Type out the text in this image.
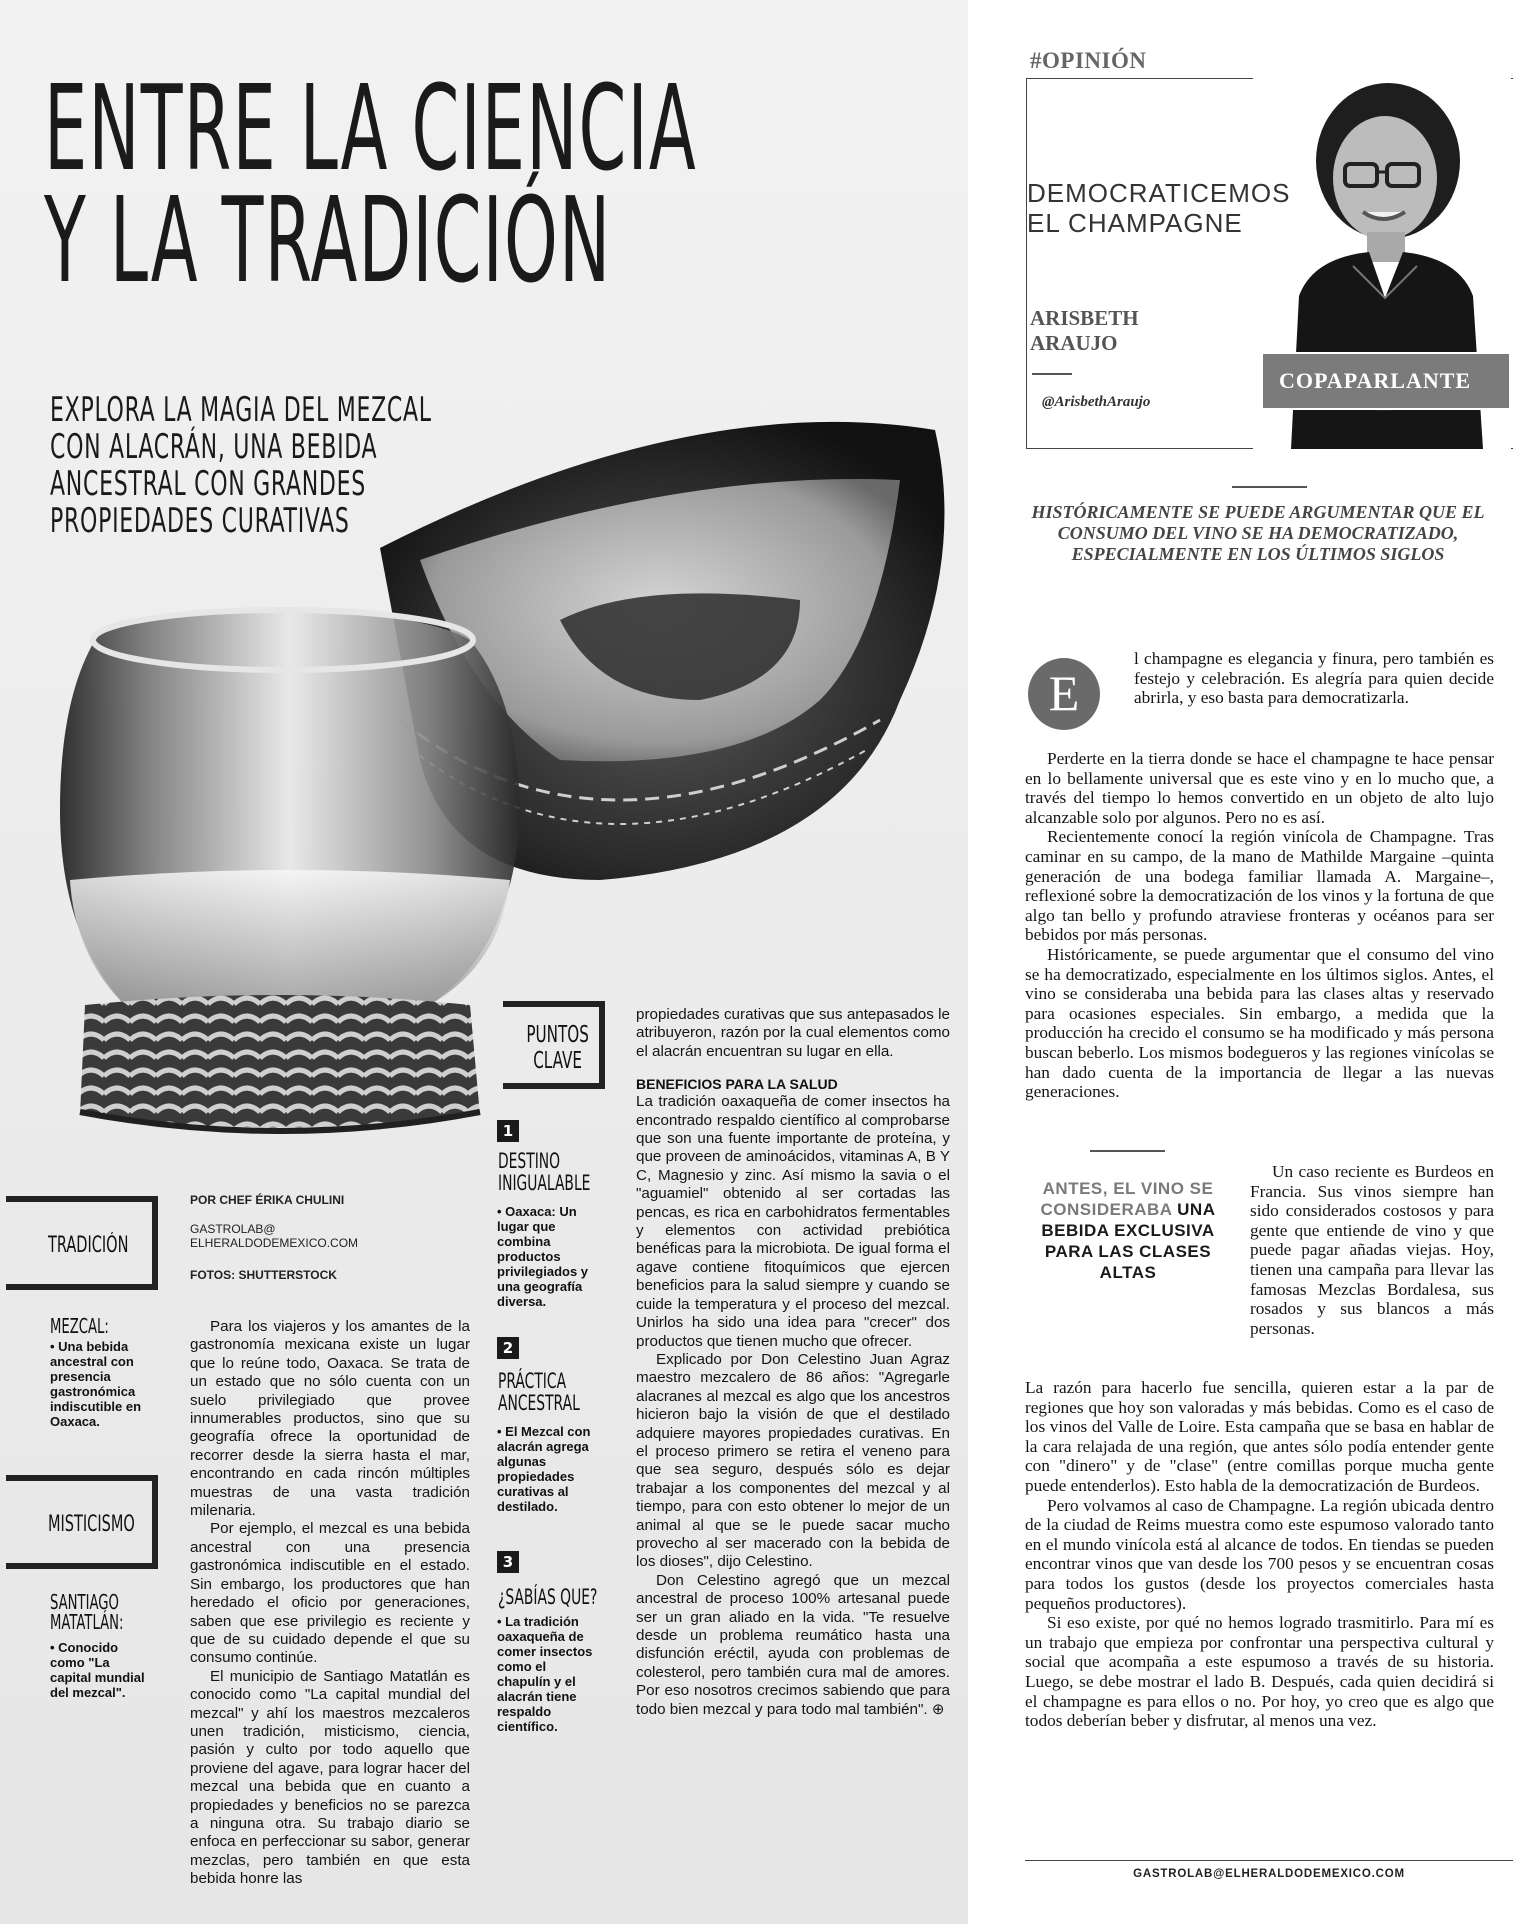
ENTRE LA CIENCIA
Y LA TRADICIÓN
EXPLORA LA MAGIA DEL MEZCAL
CON ALACRÁN, UNA BEBIDA
ANCESTRAL CON GRANDES
PROPIEDADES CURATIVAS
PUNTOS
CLAVE
1
DESTINO
INIGUALABLE
• Oaxaca: Un lugar que combina productos privilegiados y una geografía diversa.
2
PRÁCTICA
ANCESTRAL
• El Mezcal con alacrán agrega algunas propiedades curativas al destilado.
3
¿SABÍAS QUE?
• La tradición oaxaqueña de comer insectos como el chapulín y el alacrán tiene respaldo científico.
TRADICIÓN
MEZCAL:
• Una bebida ancestral con presencia gastronómica indiscutible en Oaxaca.
MISTICISMO
SANTIAGO
MATATLÁN:
• Conocido como "La capital mundial del mezcal".
POR CHEF ÉRIKA CHULINI
GASTROLAB@
ELHERALDODEMEXICO.COM
FOTOS: SHUTTERSTOCK

Para los viajeros y los amantes de la gastronomía mexicana existe un lugar que lo reúne todo, Oaxaca. Se trata de un estado que no sólo cuenta con un suelo privilegiado que provee innumerables productos, sino que su geografía ofrece la oportunidad de recorrer desde la sierra hasta el mar, encontrando en cada rincón múltiples muestras de una vasta tradición milenaria.

Por ejemplo, el mezcal es una bebida ancestral con una presencia gastronómica indiscutible en el estado. Sin embargo, los productores que han heredado el oficio por generaciones, saben que ese privilegio es reciente y que de su cuidado depende el que su consumo continúe.

El municipio de Santiago Matatlán es conocido como "La capital mundial del mezcal" y ahí los maestros mezcaleros unen tradición, misticismo, ciencia, pasión y culto por todo aquello que proviene del agave, para lograr hacer del mezcal una bebida que en cuanto a propiedades y beneficios no se parezca a ninguna otra. Su trabajo diario se enfoca en perfeccionar su sabor, generar mezclas, pero también en que esta bebida honre las

propiedades curativas que sus antepasados le atribuyeron, razón por la cual elementos como el alacrán encuentran su lugar en ella.

BENEFICIOS PARA LA SALUD

La tradición oaxaqueña de comer insectos ha encontrado respaldo científico al comprobarse que son una fuente importante de proteína, y que proveen de aminoácidos, vitaminas A, B Y C, Magnesio y zinc. Así mismo la savia o el "aguamiel" obtenido al ser cortadas las pencas, es rica en carbohidratos fermentables y elementos con actividad prebiótica benéficas para la microbiota. De igual forma el agave contiene fitoquímicos que ejercen beneficios para la salud siempre y cuando se cuide la temperatura y el proceso del mezcal. Unirlos ha sido una idea para "crecer" dos productos que tienen mucho que ofrecer.

Explicado por Don Celestino Juan Agraz maestro mezcalero de 86 años: "Agregarle alacranes al mezcal es algo que los ancestros hicieron bajo la visión de que el destilado adquiere mayores propiedades curativas. En el proceso primero se retira el veneno para que sea seguro, después sólo es dejar trabajar a los componentes del mezcal y al tiempo, para con esto obtener lo mejor de un animal al que se le puede sacar mucho provecho al ser macerado con la bebida de los dioses", dijo Celestino.

Don Celestino agregó que un mezcal ancestral de proceso 100% artesanal puede ser un gran aliado en la vida. "Te resuelve desde un problema reumático hasta una disfunción eréctil, ayuda con problemas de colesterol, pero también cura mal de amores. Por eso nosotros crecimos sabiendo que para todo bien mezcal y para todo mal también". ⊕

#OPINIÓN
DEMOCRATICEMOS
EL CHAMPAGNE
ARISBETH
ARAUJO
@ArisbethAraujo
COPAPARLANTE
HISTÓRICAMENTE SE PUEDE ARGUMENTAR QUE EL CONSUMO DEL VINO SE HA DEMOCRATIZADO, ESPECIALMENTE EN LOS ÚLTIMOS SIGLOS
E

l champagne es elegancia y finura, pero también es festejo y celebración. Es alegría para quien decide abrirla, y eso basta para democratizarla.

Perderte en la tierra donde se hace el champagne te hace pensar en lo bellamente universal que es este vino y en lo mucho que, a través del tiempo lo hemos convertido en un objeto de alto lujo alcanzable solo por algunos. Pero no es así.

Recientemente conocí la región vinícola de Champagne. Tras caminar en su campo, de la mano de Mathilde Margaine –quinta generación de una bodega familiar llamada A. Margaine–, reflexioné sobre la democratización de los vinos y la fortuna de que algo tan bello y profundo atraviese fronteras y océanos para ser bebidos por más personas.

Históricamente, se puede argumentar que el consumo del vino se ha democratizado, especialmente en los últimos siglos. Antes, el vino se consideraba una bebida para las clases altas y reservado para ocasiones especiales. Sin embargo, a medida que la producción ha crecido el consumo se ha modificado y más persona buscan beberlo. Los mismos bodegueros y las regiones vinícolas se han dado cuenta de la importancia de llegar a las nuevas generaciones.

ANTES, EL VINO SE CONSIDERABA UNA BEBIDA EXCLUSIVA PARA LAS CLASES ALTAS

Un caso reciente es Burdeos en Francia. Sus vinos siempre han sido considerados costosos y para gente que entiende de vino y que puede pagar añadas viejas. Hoy, tienen una campaña para llevar las famosas Mezclas Bordalesa, sus rosados y sus blancos a más personas.

La razón para hacerlo fue sencilla, quieren estar a la par de regiones que hoy son valoradas y más bebidas. Como es el caso de los vinos del Valle de Loire. Esta campaña que se basa en hablar de la cara relajada de una región, que antes sólo podía entender gente con "dinero" y de "clase" (entre comillas porque mucha gente puede entenderlos). Esto habla de la democratización de Burdeos.

Pero volvamos al caso de Champagne. La región ubicada dentro de la ciudad de Reims muestra como este espumoso valorado tanto en el mundo vinícola está al alcance de todos. En tiendas se pueden encontrar vinos que van desde los 700 pesos y se encuentran cosas para todos los gustos (desde los proyectos comerciales hasta pequeños productores).

Si eso existe, por qué no hemos logrado trasmitirlo. Para mí es un trabajo que empieza por confrontar una perspectiva cultural y social que acompaña a este espumoso a través de su historia. Luego, se debe mostrar el lado B. Después, cada quien decidirá si el champagne es para ellos o no. Por hoy, yo creo que es algo que todos deberían beber y disfrutar, al menos una vez.

GASTROLAB@ELHERALDODEMEXICO.COM
